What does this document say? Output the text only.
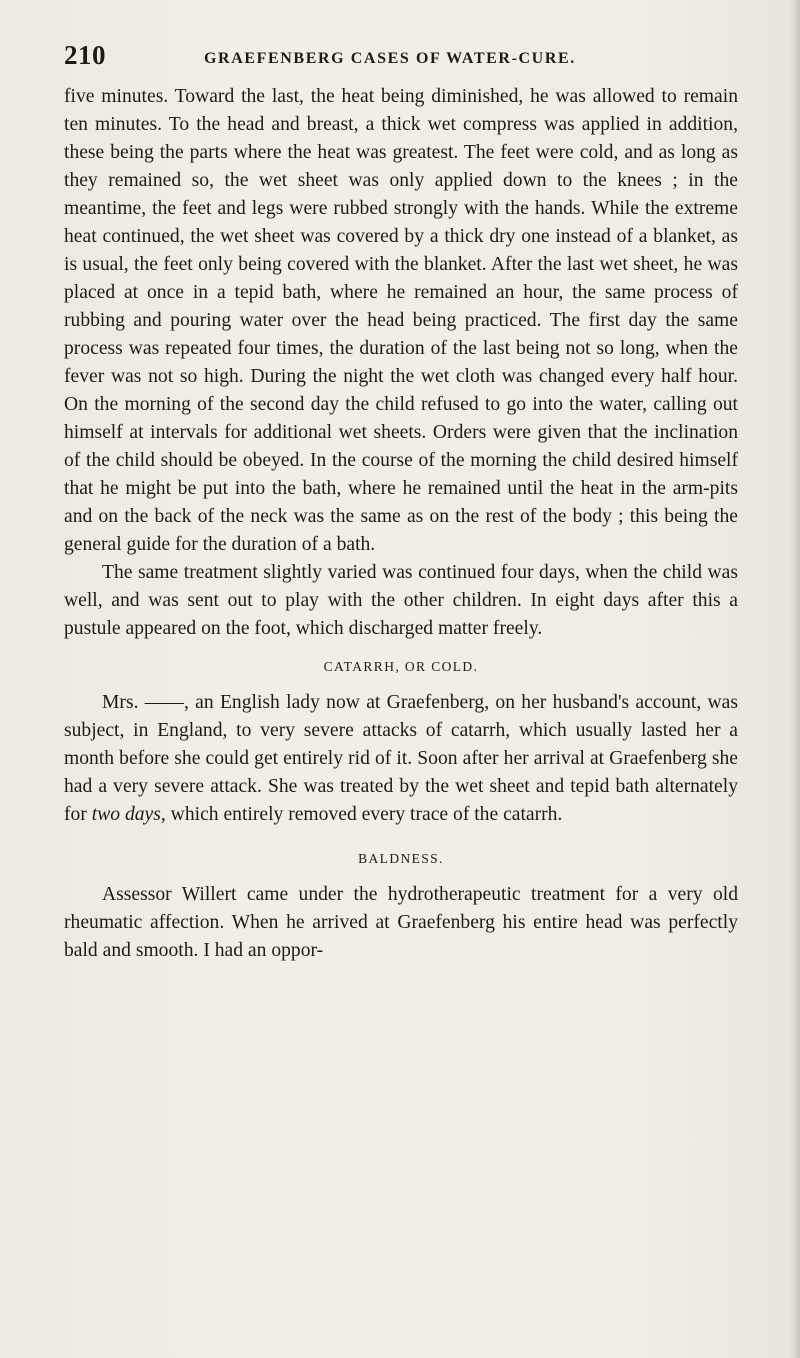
210	GRAEFENBERG CASES OF WATER-CURE.

five minutes. Toward the last, the heat being diminished, he was allowed to remain ten minutes. To the head and breast, a thick wet compress was applied in addition, these being the parts where the heat was greatest. The feet were cold, and as long as they remained so, the wet sheet was only applied down to the knees ; in the meantime, the feet and legs were rubbed strongly with the hands. While the extreme heat continued, the wet sheet was covered by a thick dry one instead of a blanket, as is usual, the feet only being covered with the blanket. After the last wet sheet, he was placed at once in a tepid bath, where he remained an hour, the same process of rubbing and pouring water over the head being practiced. The first day the same process was repeated four times, the duration of the last being not so long, when the fever was not so high. During the night the wet cloth was changed every half hour. On the morning of the second day the child refused to go into the water, calling out himself at intervals for additional wet sheets. Orders were given that the inclination of the child should be obeyed. In the course of the morning the child desired himself that he might be put into the bath, where he remained until the heat in the arm-pits and on the back of the neck was the same as on the rest of the body ; this being the general guide for the duration of a bath.

The same treatment slightly varied was continued four days, when the child was well, and was sent out to play with the other children. In eight days after this a pustule appeared on the foot, which discharged matter freely.

CATARRH, OR COLD.

Mrs. ——, an English lady now at Graefenberg, on her husband's account, was subject, in England, to very severe attacks of catarrh, which usually lasted her a month before she could get entirely rid of it. Soon after her arrival at Graefenberg she had a very severe attack. She was treated by the wet sheet and tepid bath alternately for two days, which entirely removed every trace of the catarrh.

BALDNESS.

Assessor Willert came under the hydrotherapeutic treatment for a very old rheumatic affection. When he arrived at Graefenberg his entire head was perfectly bald and smooth. I had an oppor-
